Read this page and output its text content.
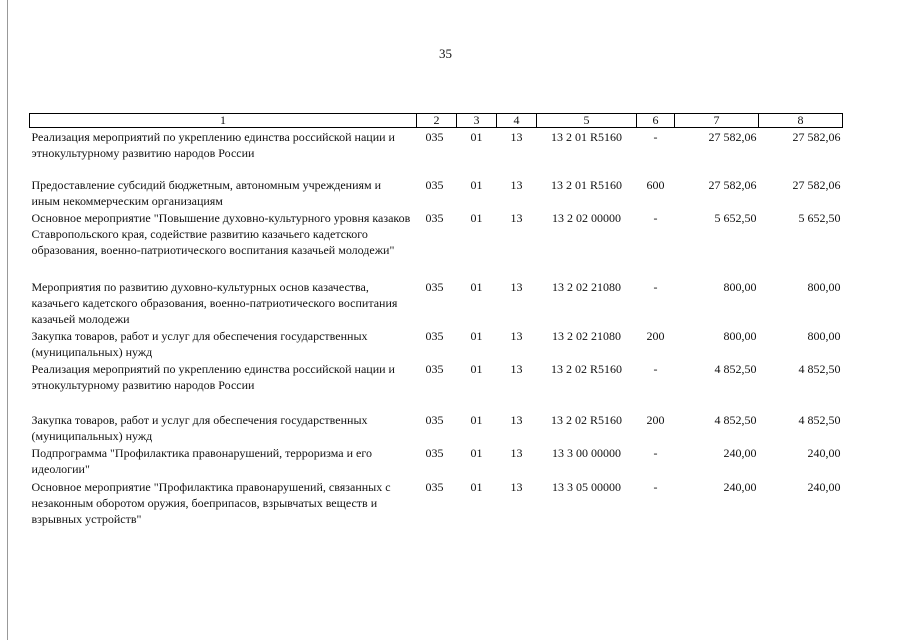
35
1	2	3	4	5	6	7	8
Реализация мероприятий по укреплению единства российской нации и этнокультурному развитию народов России	035	01	13	13 2 01 R5160	-	27 582,06	27 582,06
Предоставление субсидий бюджетным, автономным учреждениям и иным некоммерческим организациям	035	01	13	13 2 01 R5160	600	27 582,06	27 582,06
Основное мероприятие "Повышение духовно-культурного уровня казаков Ставропольского края, содействие развитию казачьего кадетского образования, военно-патриотического воспитания казачьей молодежи"	035	01	13	13 2 02 00000	-	5 652,50	5 652,50
Мероприятия по развитию духовно-культурных основ казачества, казачьего кадетского образования, военно-патриотического воспитания казачьей молодежи	035	01	13	13 2 02 21080	-	800,00	800,00
Закупка товаров, работ и услуг для обеспечения государственных (муниципальных) нужд	035	01	13	13 2 02 21080	200	800,00	800,00
Реализация мероприятий по укреплению единства российской нации и этнокультурному развитию народов России	035	01	13	13 2 02 R5160	-	4 852,50	4 852,50
Закупка товаров, работ и услуг для обеспечения государственных (муниципальных) нужд	035	01	13	13 2 02 R5160	200	4 852,50	4 852,50
Подпрограмма "Профилактика правонарушений, терроризма и его идеологии"	035	01	13	13 3 00 00000	-	240,00	240,00
Основное мероприятие "Профилактика правонарушений, связанных с незаконным оборотом оружия, боеприпасов, взрывчатых веществ и взрывных устройств"	035	01	13	13 3 05 00000	-	240,00	240,00
